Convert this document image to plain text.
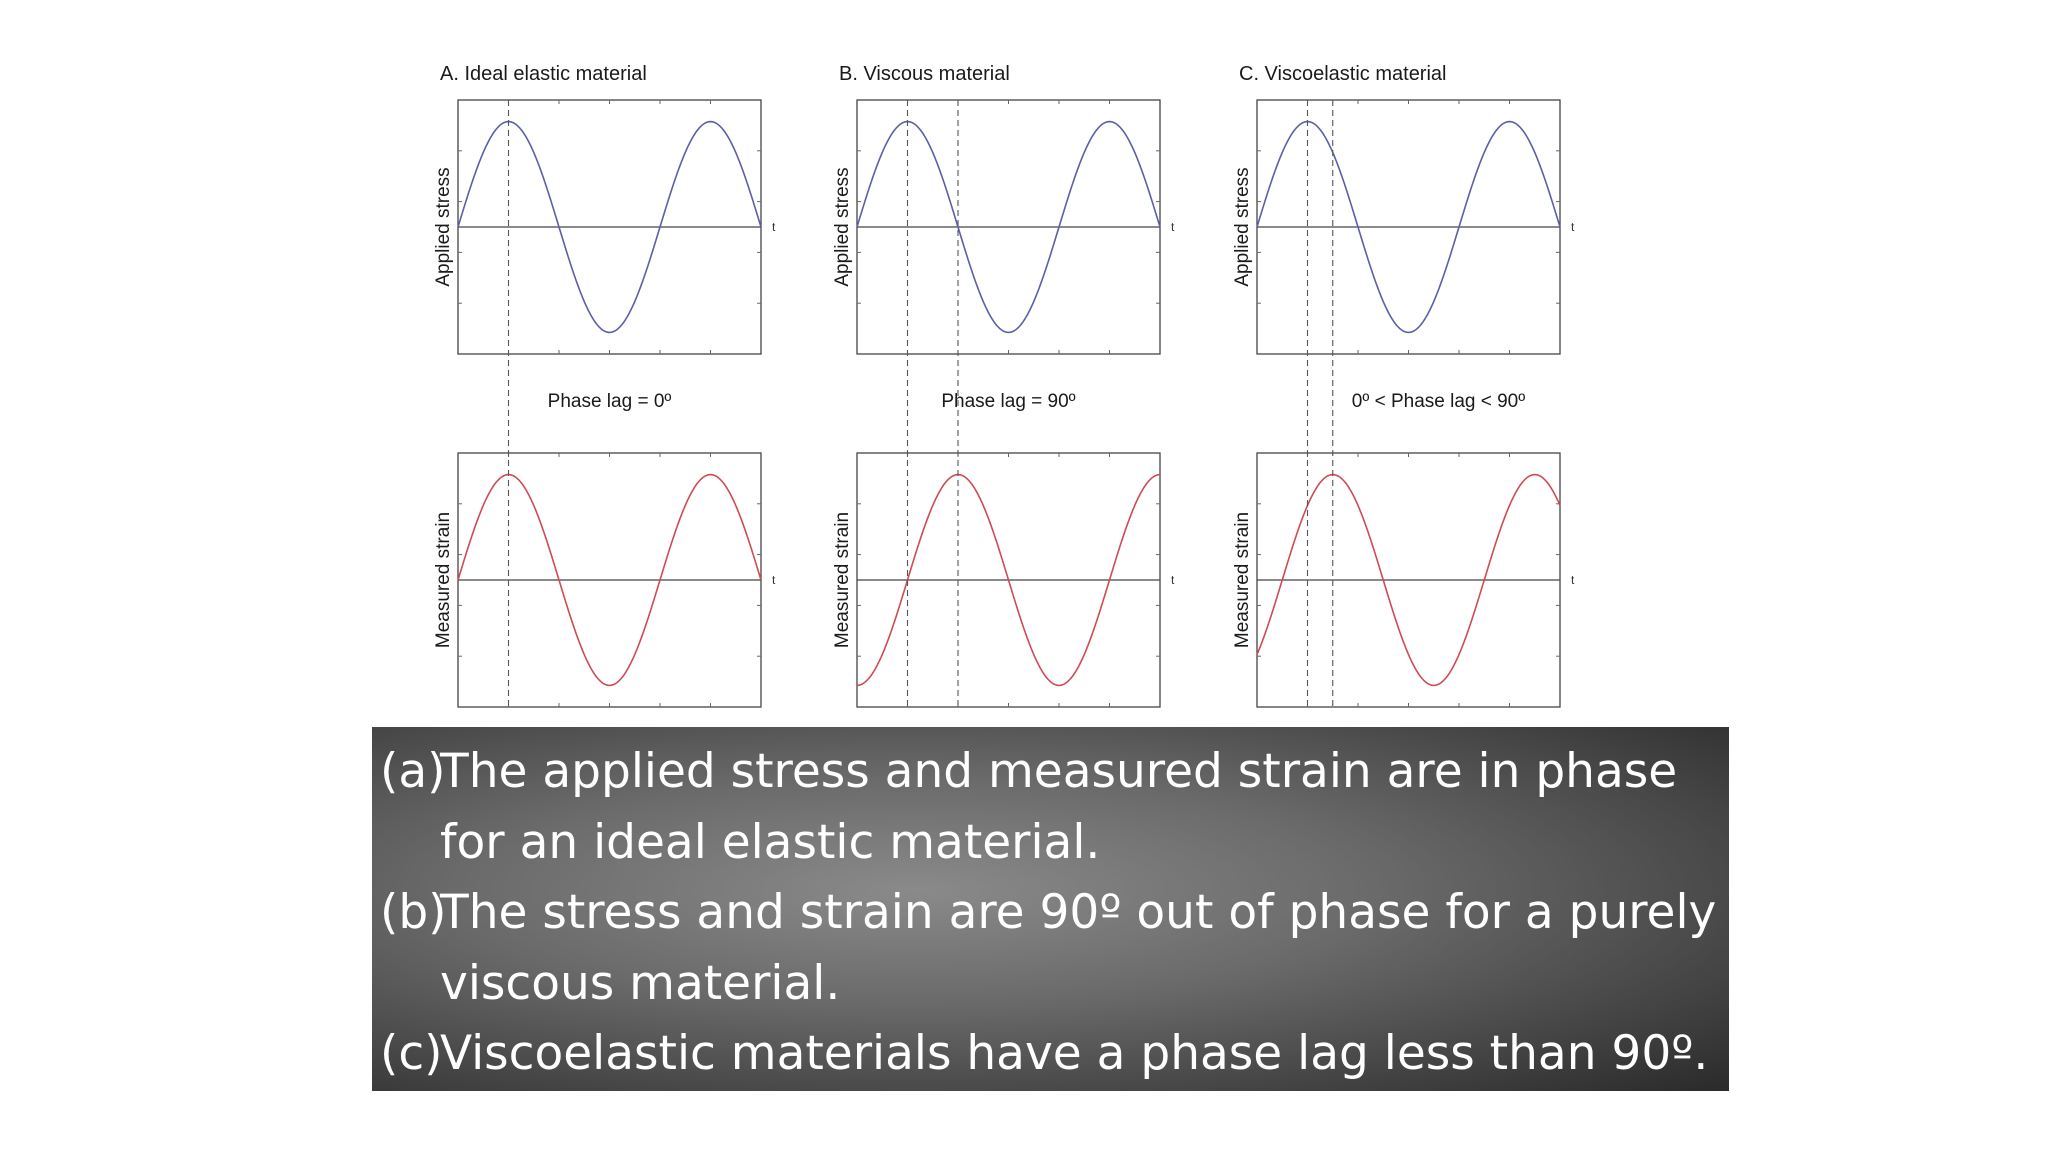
A. Ideal elastic material
Applied stress	t
Measured strain	t
Phase lag = 0º
B. Viscous material
Applied stress	t
Measured strain	t
Phase lag = 90º
C. Viscoelastic material
Applied stress	t
Measured strain	t
0º < Phase lag < 90º
(a)
The applied stress and measured strain are in phase
for an ideal elastic material.
(b)
The stress and strain are 90º out of phase for a purely
viscous material.
(c)
Viscoelastic materials have a phase lag less than 90º.
